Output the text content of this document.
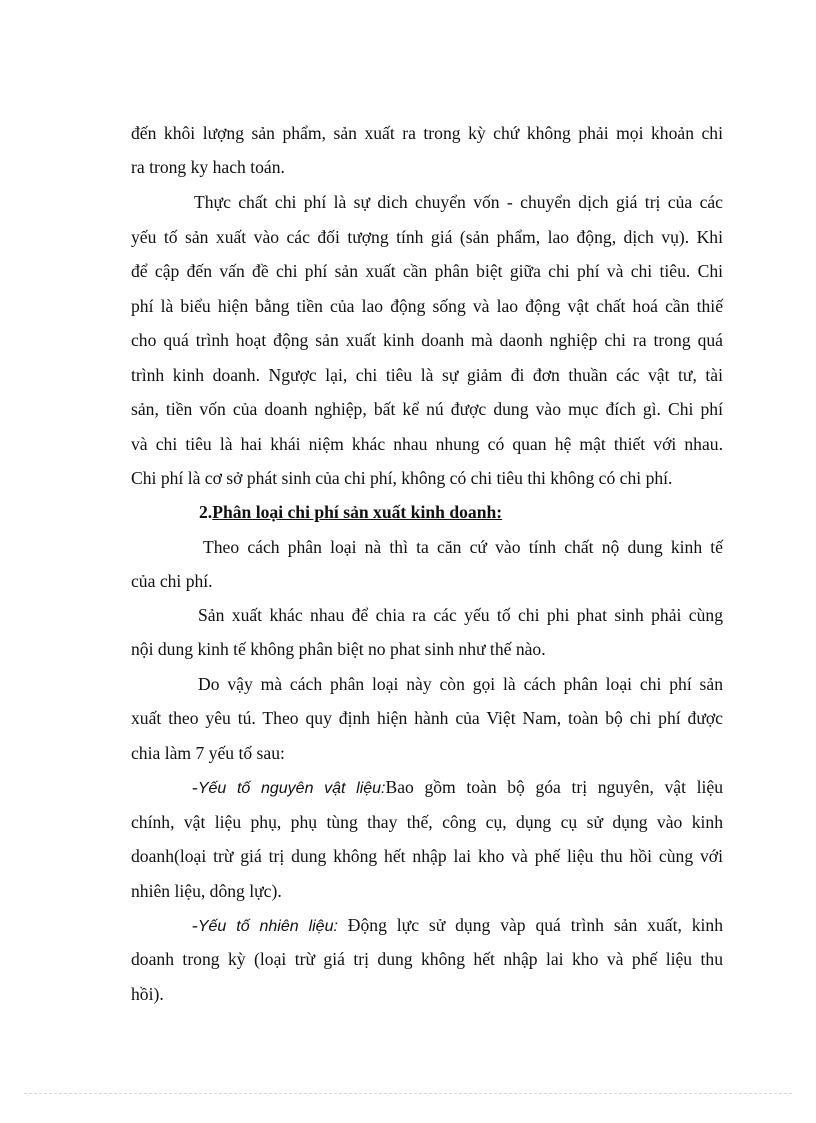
đến khôi lượng sản phẩm, sản xuất ra trong kỳ chứ không phải mọi khoản chi
ra trong ky hach toán.
Thực chất chi phí là sự dich chuyển vốn - chuyển dịch giá trị của các
yếu tố sản xuất vào các đối tượng tính giá (sản phẩm, lao động, dịch vụ). Khi
để cập đến vấn đề chi phí sản xuất cần phân biệt giữa chi phí và chi tiêu. Chi
phí là biểu hiện bằng tiền của lao động sống và lao động vật chất hoá cần thiế
cho quá trình hoạt động sản xuất kinh doanh mà daonh nghiệp chi ra trong quá
trình kinh doanh. Ngược lại, chi tiêu là sự giảm đi đơn thuần các vật tư, tài
sản, tiền vốn của doanh nghiệp, bất kể nú được dung vào mục đích gì. Chi phí
và chi tiêu là hai khái niệm khác nhau nhung có quan hệ mật thiết với nhau.
Chi phí là cơ sở phát sinh của chi phí, không có chi tiêu thi không có chi phí.
2.Phân loại chi phí sản xuất kinh doanh:
Theo cách phân loại nà thì ta căn cứ vào tính chất nộ dung kinh tế
của chi phí.
Sản xuất khác nhau để chia ra các yếu tố chi phi phat sinh phải cùng
nội dung kinh tế không phân biệt no phat sinh như thế nào.
Do vậy mà cách phân loại này còn gọi là cách phân loại chi phí sản
xuất theo yêu tú. Theo quy định hiện hành của Việt Nam, toàn bộ chi phí được
chia làm 7 yếu tố sau:
-Yếu tố nguyên vật liệu:Bao gồm toàn bộ góa trị nguyên, vật liệu
chính, vật liệu phụ, phụ tùng thay thế, công cụ, dụng cụ sử dụng vào kinh
doanh(loại trừ giá trị dung không hết nhập lai kho và phế liệu thu hồi cùng với
nhiên liệu, dông lực).
-Yếu tố nhiên liệu: Động lực sử dụng vàp quá trình sản xuất, kinh
doanh trong kỳ (loại trừ giá trị dung không hết nhập lai kho và phế liệu thu
hồi).
